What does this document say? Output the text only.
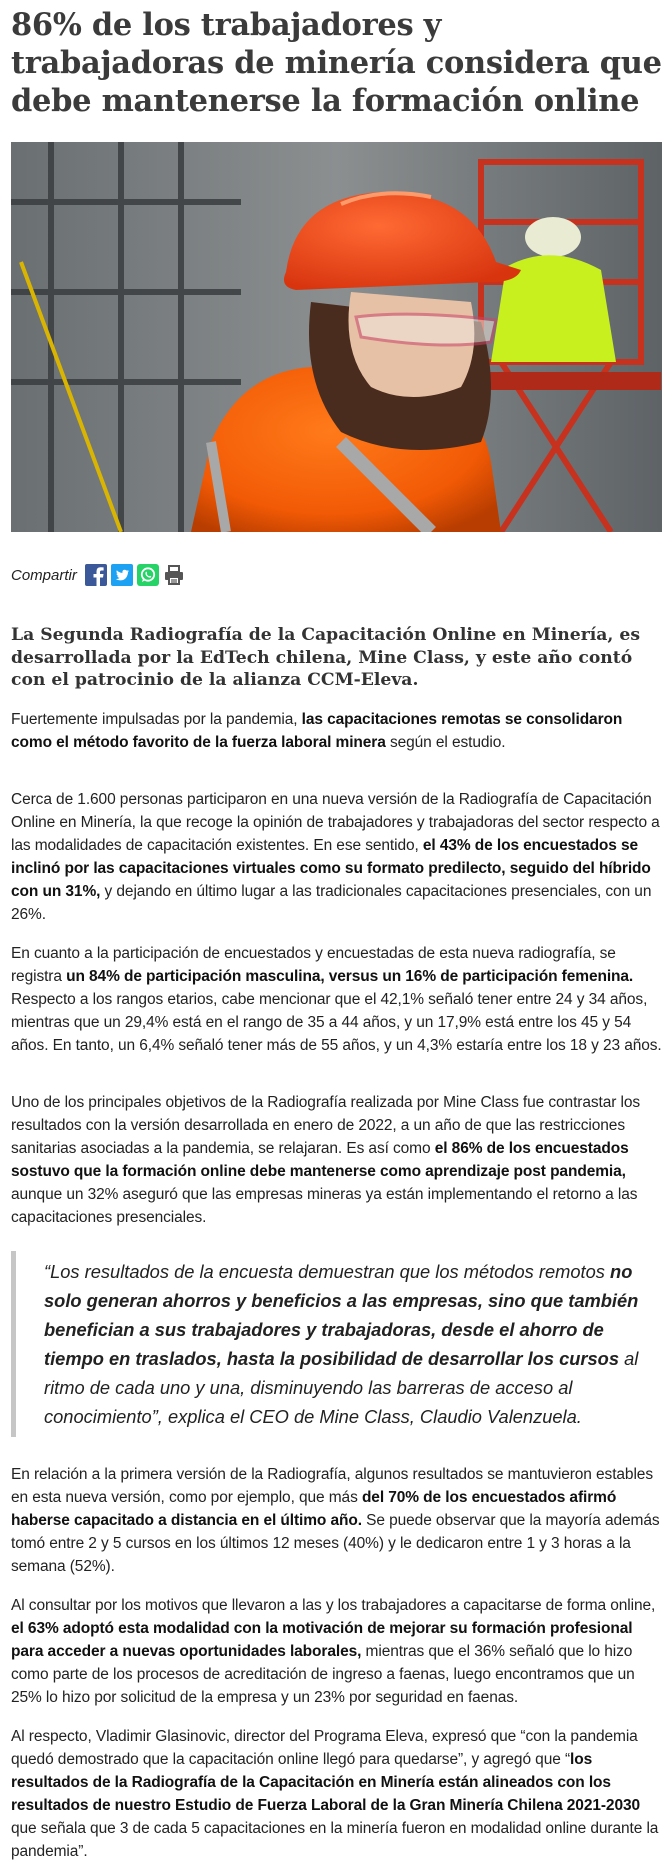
86% de los trabajadores y trabajadoras de minería considera que debe mantenerse la formación online
Compartir
La Segunda Radiografía de la Capacitación Online en Minería, es desarrollada por la EdTech chilena, Mine Class, y este año contó con el patrocinio de la alianza CCM-Eleva.

Fuertemente impulsadas por la pandemia, las capacitaciones remotas se consolidaron como el método favorito de la fuerza laboral minera según el estudio.

Cerca de 1.600 personas participaron en una nueva versión de la Radiografía de Capacitación Online en Minería, la que recoge la opinión de trabajadores y trabajadoras del sector respecto a las modalidades de capacitación existentes. En ese sentido, el 43% de los encuestados se inclinó por las capacitaciones virtuales como su formato predilecto, seguido del híbrido con un 31%, y dejando en último lugar a las tradicionales capacitaciones presenciales, con un 26%.

En cuanto a la participación de encuestados y encuestadas de esta nueva radiografía, se registra un 84% de participación masculina, versus un 16% de participación femenina. Respecto a los rangos etarios, cabe mencionar que el 42,1% señaló tener entre 24 y 34 años, mientras que un 29,4% está en el rango de 35 a 44 años, y un 17,9% está entre los 45 y 54 años. En tanto, un 6,4% señaló tener más de 55 años, y un 4,3% estaría entre los 18 y 23 años.

Uno de los principales objetivos de la Radiografía realizada por Mine Class fue contrastar los resultados con la versión desarrollada en enero de 2022, a un año de que las restricciones sanitarias asociadas a la pandemia, se relajaran. Es así como el 86% de los encuestados sostuvo que la formación online debe mantenerse como aprendizaje post pandemia, aunque un 32% aseguró que las empresas mineras ya están implementando el retorno a las capacitaciones presenciales.

“Los resultados de la encuesta demuestran que los métodos remotos no solo generan ahorros y beneficios a las empresas, sino que también benefician a sus trabajadores y trabajadoras, desde el ahorro de tiempo en traslados, hasta la posibilidad de desarrollar los cursos al ritmo de cada uno y una, disminuyendo las barreras de acceso al conocimiento”, explica el CEO de Mine Class, Claudio Valenzuela.

En relación a la primera versión de la Radiografía, algunos resultados se mantuvieron estables en esta nueva versión, como por ejemplo, que más del 70% de los encuestados afirmó haberse capacitado a distancia en el último año. Se puede observar que la mayoría además tomó entre 2 y 5 cursos en los últimos 12 meses (40%) y le dedicaron entre 1 y 3 horas a la semana (52%).

Al consultar por los motivos que llevaron a las y los trabajadores a capacitarse de forma online, el 63% adoptó esta modalidad con la motivación de mejorar su formación profesional para acceder a nuevas oportunidades laborales, mientras que el 36% señaló que lo hizo como parte de los procesos de acreditación de ingreso a faenas, luego encontramos que un 25% lo hizo por solicitud de la empresa y un 23% por seguridad en faenas.

Al respecto, Vladimir Glasinovic, director del Programa Eleva, expresó que “con la pandemia quedó demostrado que la capacitación online llegó para quedarse”, y agregó que “los resultados de la Radiografía de la Capacitación en Minería están alineados con los resultados de nuestro Estudio de Fuerza Laboral de la Gran Minería Chilena 2021-2030 que señala que 3 de cada 5 capacitaciones en la minería fueron en modalidad online durante la pandemia”.
